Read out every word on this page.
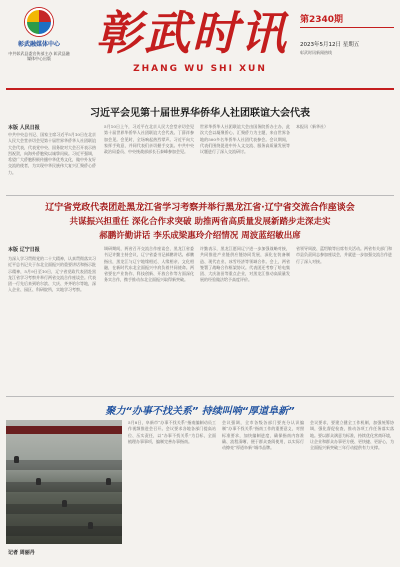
彰武融媒体中心
中共彰武县委宣传部主办 彰武县融媒体中心出版 彰武时讯
ZHANG WU SHI XUN
第2340期
2023年5月12日 星期五
彰武时讯新闻热线
习近平会见第十届世界华侨华人社团联谊大会代表
本版 人民日报
中共中央总书记、国家主席习近平5月10日在北京人民大会堂亲切会见第十届世界华侨华人社团联谊大会代表，代表党中央、国务院对大会召开表示热烈祝贺，向海外侨胞致以诚挚问候。习近平强调，希望广大侨胞积极传播中华优秀文化，做中外友好交流的使者，为实现中华民族伟大复兴汇聚侨心侨力。
5月10日上午，习近平在北京人民大会堂亲切会见第十届世界华侨华人社团联谊大会代表。丁薛祥参加会见。会见时，全场响起热烈掌声。习近平向大家挥手致意，并同代表们亲切握手交流。中共中央政治局委员、中央统战部部长石泰峰参加会见。
世界华侨华人社团联谊大会由国务院侨办主办，此次大会以凝聚侨心、汇聚侨力为主题，来自世界各地的500多名华侨华人社团代表参会。会议期间，代表们围绕促进中外人文交流、服务高质量发展等议题进行了深入交流研讨。
本报讯（新华社）
辽宁省党政代表团赴黑龙江省学习考察并举行黑龙江省·辽宁省交流合作座谈会
共谋振兴担重任 深化合作求突破 助推两省高质量发展新踏步走深走实
郝鹏许勤讲话 李乐成梁惠玲介绍情况 周波蓝绍敏出席
本版 辽宁日报
为深入学习贯彻党的二十大精神，认真贯彻落实习近平总书记关于东北全面振兴的重要讲话和指示批示精神，5月9日至10日，辽宁省党政代表团赴黑龙江省学习考察并举行两省交流合作座谈会。代表团一行先后来到哈尔滨、大庆、齐齐哈尔等地，深入企业、园区、科研院所，实地学习考察。
调研期间，两省召开交流合作座谈会，黑龙江省委书记许勤主持会议，辽宁省委书记郝鹏讲话。郝鹏指出，黑龙江与辽宁地缘相近、人缘相亲、文化相融，在新时代东北全面振兴中肩负着共同使命。两省要在产业协作、科技创新、开放合作等方面深化务实合作，携手推动东北全面振兴取得新突破。
许勤表示，黑龙江愿同辽宁进一步加强战略对接，共同推进产业链供应链协同发展，深化在装备制造、现代农业、冰雪经济等领域合作。会上，两省签署了战略合作框架协议。代表团还考察了哈电集团、大庆油田等重点企业，对黑龙江推动高质量发展的经验做法给予高度评价。
省领导周波、蓝绍敏等出席有关活动。两省有关部门和市县负责同志参加座谈会，并就进一步加强交流合作进行了深入对接。
聚力“办事不找关系” 持续叫响“厚道阜新”
记者 周丽丹
5月8日，阜新市“办事不找关系”指南编制动员工作视频推进会召开。会议要求各地各部门提高站位、压实责任，以“办事不找关系”为目标，全面梳理办事事项，编制完善办事指南。
会议强调，全市各级各部门要充分认识编制“办事不找关系”指南工作的重要意义，对照标准要求，加快编制进度，确保指南内容准确、流程清晰、便于群众查阅使用，以实际行动擦亮“厚道阜新”城市品牌。
会议要求，要建立健全工作机制，加强统筹协调，强化督促检查，推动各项工作任务落实落地。要以群众满意为标准，持续优化营商环境，让企业和群众办事更方便、更快捷、更舒心，为全面振兴新突破三年行动提供有力支撑。
